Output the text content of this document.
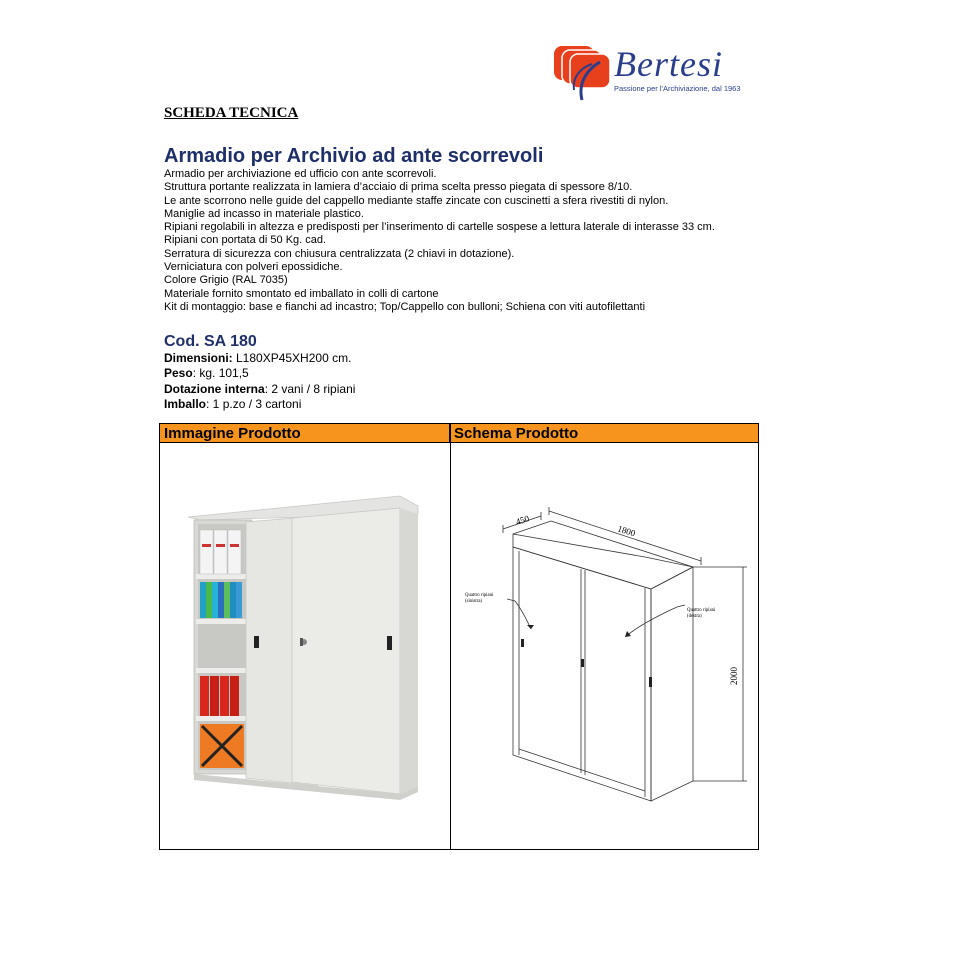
Bertesi
Passione per l'Archiviazione, dal 1963
SCHEDA TECNICA
Armadio per Archivio ad ante scorrevoli
Armadio per archiviazione ed ufficio con ante scorrevoli.
Struttura portante realizzata in lamiera d’acciaio di prima scelta presso piegata di spessore 8/10.
Le ante scorrono nelle guide del cappello mediante staffe zincate con cuscinetti a sfera rivestiti di nylon.
Maniglie ad incasso in materiale plastico.
Ripiani regolabili in altezza e predisposti per l’inserimento di cartelle sospese a lettura laterale di interasse 33 cm.
Ripiani con portata di 50 Kg. cad.
Serratura di sicurezza con chiusura centralizzata (2 chiavi in dotazione).
Verniciatura con polveri epossidiche.
Colore Grigio (RAL 7035)
Materiale fornito smontato ed imballato in colli di cartone
Kit di montaggio: base e fianchi ad incastro; Top/Cappello con bulloni; Schiena con viti autofilettanti
Cod. SA 180
Dimensioni: L180XP45XH200 cm.
Peso: kg. 101,5
Dotazione interna: 2 vani / 8 ripiani
Imballo: 1 p.zo / 3 cartoni
Immagine Prodotto	Schema Prodotto
450
1800
2000
Quattro ripiani
(sinistra)
Quattro ripiani
(destra)
